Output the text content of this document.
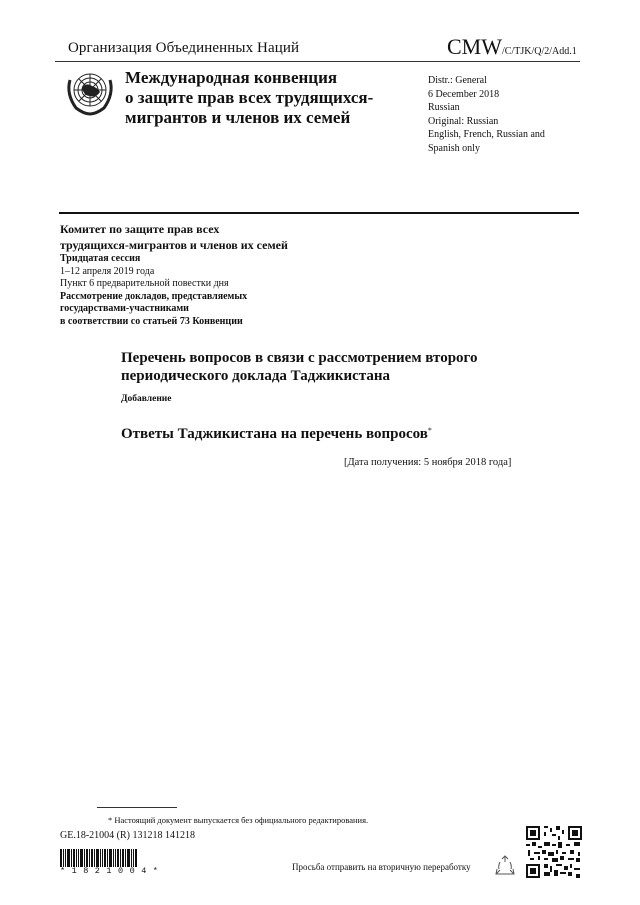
Организация Объединенных Наций	CMW/C/TJK/Q/2/Add.1
Международная конвенция
о защите прав всех трудящихся-
мигрантов и членов их семей
Distr.: General
6 December 2018
Russian
Original: Russian
English, French, Russian and
Spanish only
Комитет по защите прав всех
трудящихся-мигрантов и членов их семей
Тридцатая сессия
1–12 апреля 2019 года
Пункт 6 предварительной повестки дня
Рассмотрение докладов, представляемых
государствами-участниками
в соответствии со статьей 73 Конвенции
Перечень вопросов в связи с рассмотрением второго
периодического доклада Таджикистана
Добавление
Ответы Таджикистана на перечень вопросов*
[Дата получения: 5 ноября 2018 года]
* Настоящий документ выпускается без официального редактирования.
GE.18-21004 (R) 131218 141218
*1821004*	Просьба отправить на вторичную переработку
